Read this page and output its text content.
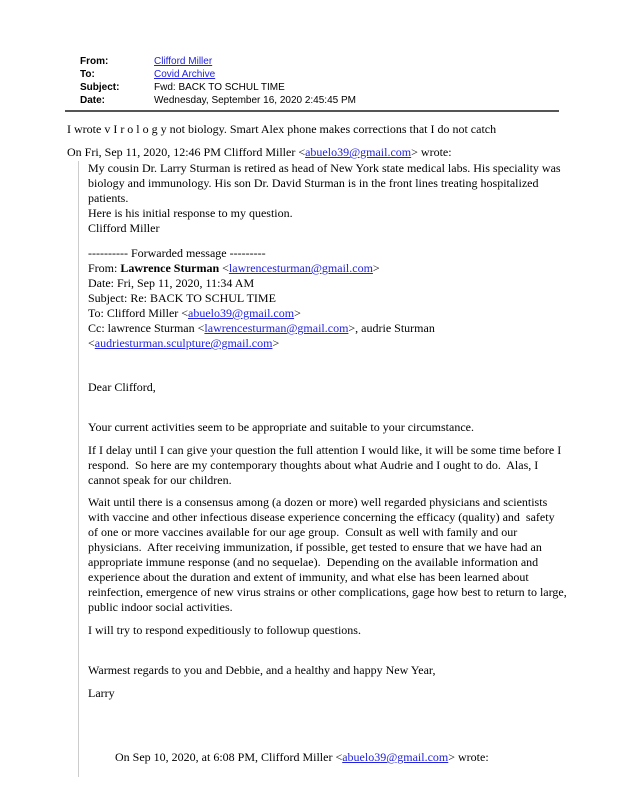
From:	Clifford Miller
To:	Covid Archive
Subject:	Fwd: BACK TO SCHUL TIME
Date:	Wednesday, September 16, 2020 2:45:45 PM

I wrote v I r o l o g y not biology. Smart Alex phone makes corrections that I do not catch

On Fri, Sep 11, 2020, 12:46 PM Clifford Miller <abuelo39@gmail.com> wrote:

My cousin Dr. Larry Sturman is retired as head of New York state medical labs. His speciality was biology and immunology. His son Dr. David Sturman is in the front lines treating hospitalized patients.
Here is his initial response to my question.
Clifford Miller
---------- Forwarded message ---------
From: Lawrence Sturman <lawrencesturman@gmail.com>
Date: Fri, Sep 11, 2020, 11:34 AM
Subject: Re: BACK TO SCHUL TIME
To: Clifford Miller <abuelo39@gmail.com>
Cc: lawrence Sturman <lawrencesturman@gmail.com>, audrie Sturman <audriesturman.sculpture@gmail.com>

Dear Clifford,

Your current activities seem to be appropriate and suitable to your circumstance.

If I delay until I can give your question the full attention I would like, it will be some time before I respond.  So here are my contemporary thoughts about what Audrie and I ought to do.  Alas, I cannot speak for our children.

Wait until there is a consensus among (a dozen or more) well regarded physicians and scientists with vaccine and other infectious disease experience concerning the efficacy (quality) and  safety of one or more vaccines available for our age group.  Consult as well with family and our physicians.  After receiving immunization, if possible, get tested to ensure that we have had an appropriate immune response (and no sequelae).  Depending on the available information and experience about the duration and extent of immunity, and what else has been learned about reinfection, emergence of new virus strains or other complications, gage how best to return to large, public indoor social activities.

I will try to respond expeditiously to followup questions.

Warmest regards to you and Debbie, and a healthy and happy New Year,

Larry

On Sep 10, 2020, at 6:08 PM, Clifford Miller <abuelo39@gmail.com> wrote:
